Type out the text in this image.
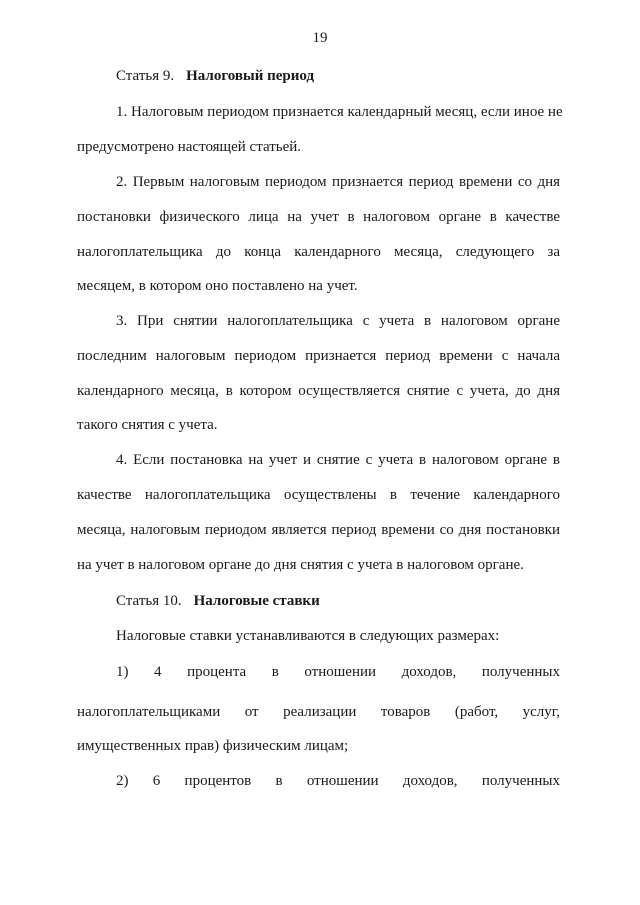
19
Статья 9. Налоговый период
1. Налоговым периодом признается календарный месяц, если иное не
предусмотрено настоящей статьей.
2. Первым налоговым периодом признается период времени со дня
постановки физического лица на учет в налоговом органе в качестве
налогоплательщика до конца календарного месяца, следующего за
месяцем, в котором оно поставлено на учет.
3. При снятии налогоплательщика с учета в налоговом органе
последним налоговым периодом признается период времени с начала
календарного месяца, в котором осуществляется снятие с учета, до дня
такого снятия с учета.
4. Если постановка на учет и снятие с учета в налоговом органе в
качестве налогоплательщика осуществлены в течение календарного
месяца, налоговым периодом является период времени со дня постановки
на учет в налоговом органе до дня снятия с учета в налоговом органе.
Статья 10. Налоговые ставки
Налоговые ставки устанавливаются в следующих размерах:
1) 4 процента в отношении доходов, полученных
налогоплательщиками от реализации товаров (работ, услуг,
имущественных прав) физическим лицам;
2) 6 процентов в отношении доходов, полученных
